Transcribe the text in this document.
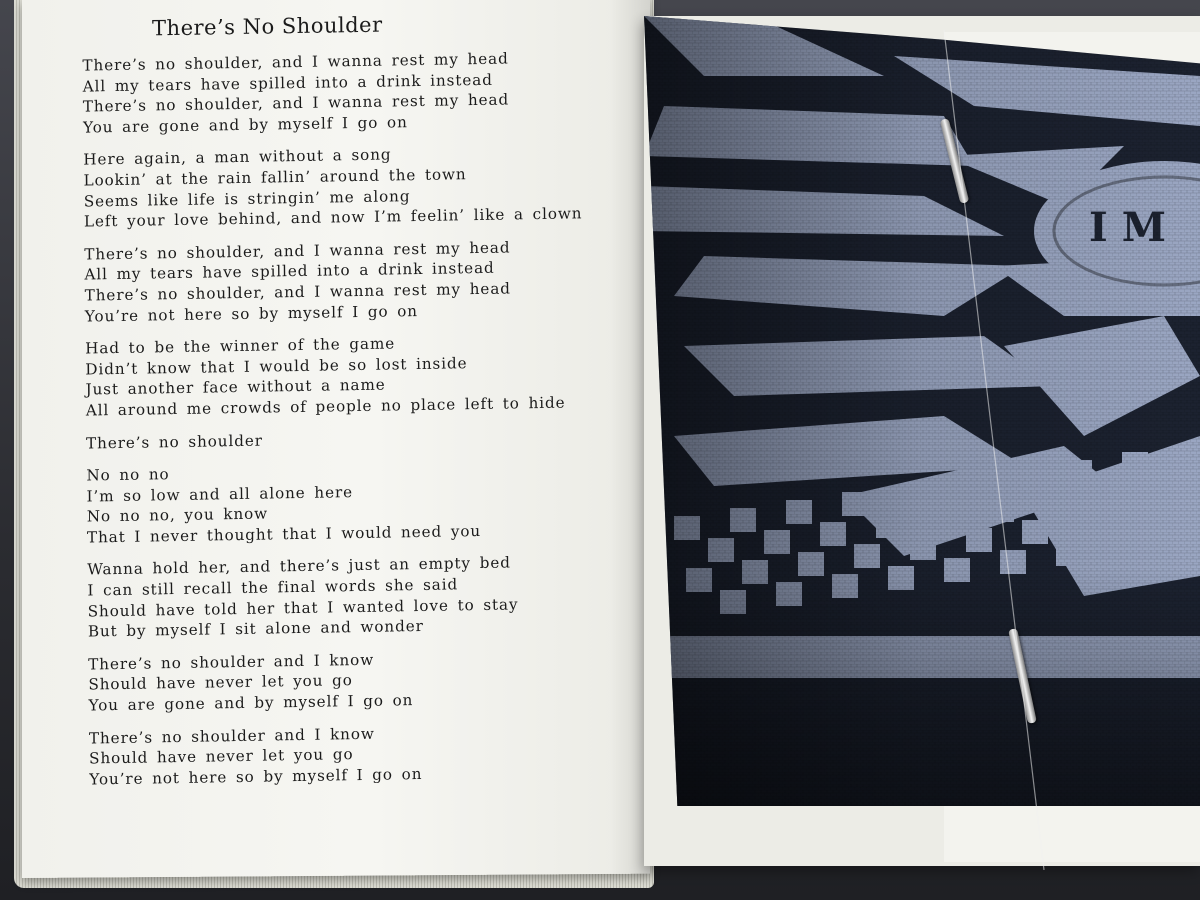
There’s No Shoulder
There’s no shoulder, and I wanna rest my head
All my tears have spilled into a drink instead
There’s no shoulder, and I wanna rest my head
You are gone and by myself I go on
Here again, a man without a song
Lookin’ at the rain fallin’ around the town
Seems like life is stringin’ me along
Left your love behind, and now I’m feelin’ like a clown
There’s no shoulder, and I wanna rest my head
All my tears have spilled into a drink instead
There’s no shoulder, and I wanna rest my head
You’re not here so by myself I go on
Had to be the winner of the game
Didn’t know that I would be so lost inside
Just another face without a name
All around me crowds of people no place left to hide
There’s no shoulder
No no no
I’m so low and all alone here
No no no, you know
That I never thought that I would need you
Wanna hold her, and there’s just an empty bed
I can still recall the final words she said
Should have told her that I wanted love to stay
But by myself I sit alone and wonder
There’s no shoulder and I know
Should have never let you go
You are gone and by myself I go on
There’s no shoulder and I know
Should have never let you go
You’re not here so by myself I go on
